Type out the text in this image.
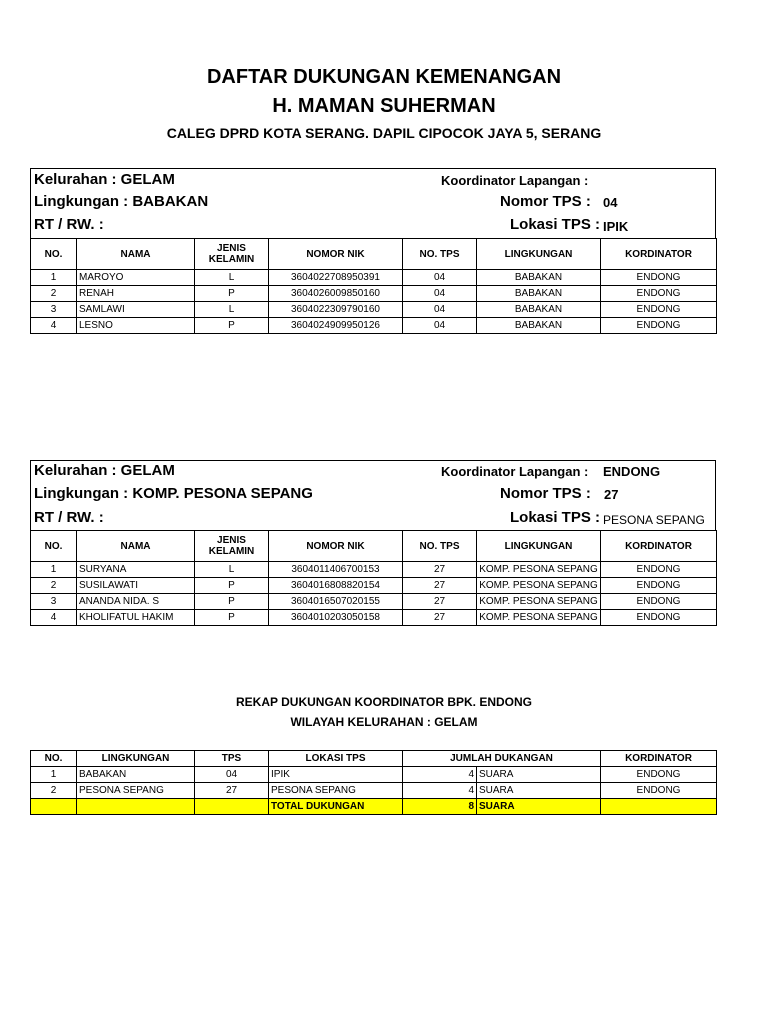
DAFTAR DUKUNGAN KEMENANGAN
H. MAMAN SUHERMAN
CALEG DPRD KOTA SERANG. DAPIL CIPOCOK JAYA 5, SERANG
Kelurahan : GELAM	Koordinator Lapangan :
Lingkungan : BABAKAN	Nomor TPS : 04
RT / RW. :	Lokasi TPS : IPIK
NO.	NAMA	JENIS
KELAMIN	NOMOR NIK	NO. TPS	LINGKUNGAN	KORDINATOR
1	MAROYO	L	3604022708950391	04	BABAKAN	ENDONG
2	RENAH	P	3604026009850160	04	BABAKAN	ENDONG
3	SAMLAWI	L	3604022309790160	04	BABAKAN	ENDONG
4	LESNO	P	3604024909950126	04	BABAKAN	ENDONG
Kelurahan : GELAM	Koordinator Lapangan : ENDONG
Lingkungan : KOMP. PESONA SEPANG	Nomor TPS : 27
RT / RW. :	Lokasi TPS : PESONA SEPANG
NO.	NAMA	JENIS
KELAMIN	NOMOR NIK	NO. TPS	LINGKUNGAN	KORDINATOR
1	SURYANA	L	3604011406700153	27	KOMP. PESONA SEPANG	ENDONG
2	SUSILAWATI	P	3604016808820154	27	KOMP. PESONA SEPANG	ENDONG
3	ANANDA NIDA. S	P	3604016507020155	27	KOMP. PESONA SEPANG	ENDONG
4	KHOLIFATUL HAKIM	P	3604010203050158	27	KOMP. PESONA SEPANG	ENDONG
REKAP DUKUNGAN KOORDINATOR BPK. ENDONG
WILAYAH KELURAHAN : GELAM
NO.	LINGKUNGAN	TPS	LOKASI TPS	JUMLAH DUKANGAN		KORDINATOR
1	BABAKAN	04	IPIK	4	SUARA	ENDONG
2	PESONA SEPANG	27	PESONA SEPANG	4	SUARA	ENDONG
			TOTAL DUKUNGAN	8	SUARA	
